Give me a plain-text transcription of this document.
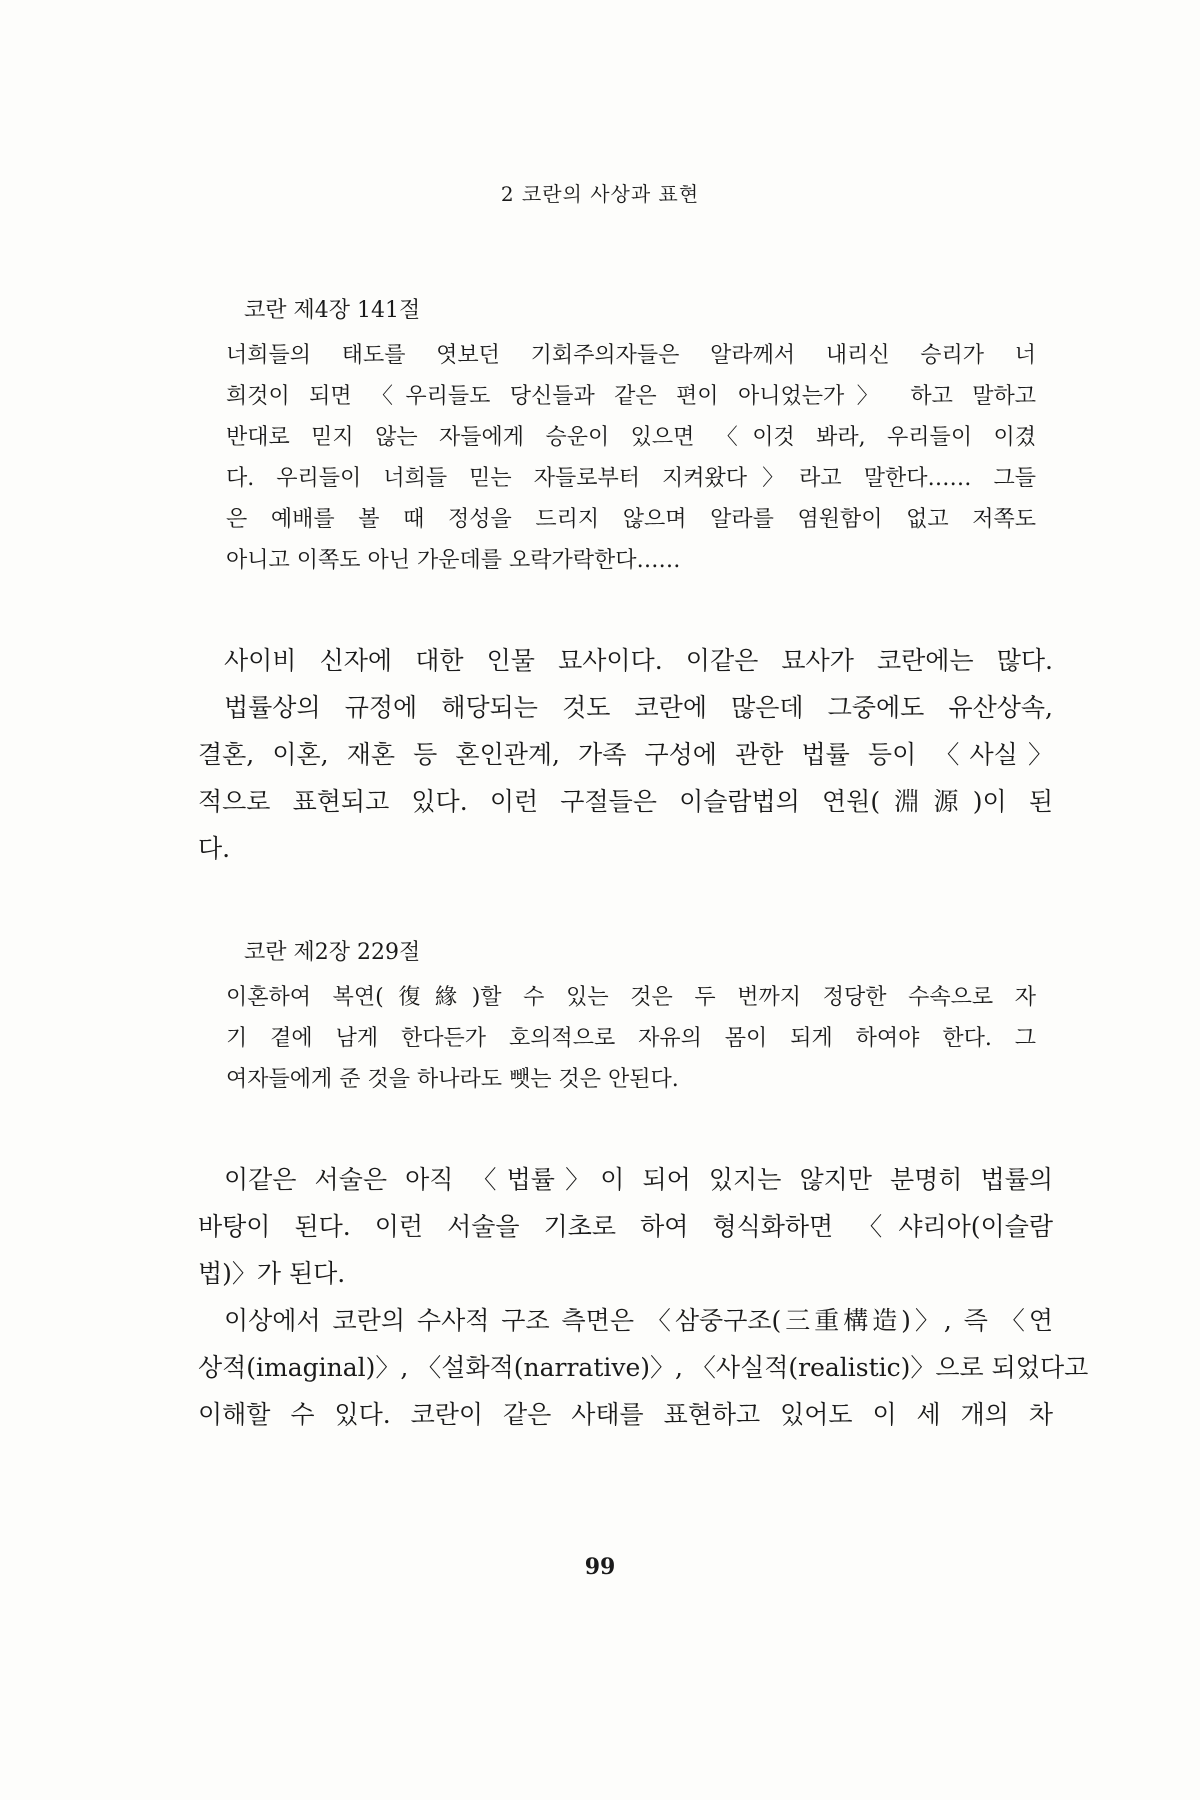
2 코란의 사상과 표현
코란 제4장 141절
너희들의 태도를 엿보던 기회주의자들은 알라께서 내리신 승리가 너
희것이 되면 〈우리들도 당신들과 같은 편이 아니었는가〉 하고 말하고
반대로 믿지 않는 자들에게 승운이 있으면 〈이것 봐라, 우리들이 이겼
다. 우리들이 너희들 믿는 자들로부터 지켜왔다〉라고 말한다…… 그들
은 예배를 볼 때 정성을 드리지 않으며 알라를 염원함이 없고 저쪽도
아니고 이쪽도 아닌 가운데를 오락가락한다……
사이비 신자에 대한 인물 묘사이다. 이같은 묘사가 코란에는 많다.
법률상의 규정에 해당되는 것도 코란에 많은데 그중에도 유산상속,
결혼, 이혼, 재혼 등 혼인관계, 가족 구성에 관한 법률 등이 〈사실〉
적으로 표현되고 있다. 이런 구절들은 이슬람법의 연원(淵源)이 된
다.
코란 제2장 229절
이혼하여 복연(復緣)할 수 있는 것은 두 번까지 정당한 수속으로 자
기 곁에 남게 한다든가 호의적으로 자유의 몸이 되게 하여야 한다. 그
여자들에게 준 것을 하나라도 뺏는 것은 안된다.
이같은 서술은 아직 〈법률〉이 되어 있지는 않지만 분명히 법률의
바탕이 된다. 이런 서술을 기초로 하여 형식화하면 〈샤리아(이슬람
법)〉가 된다.
이상에서 코란의 수사적 구조 측면은 〈삼중구조(三重構造)〉, 즉 〈연
상적(imaginal)〉, 〈설화적(narrative)〉, 〈사실적(realistic)〉으로 되었다고
이해할 수 있다. 코란이 같은 사태를 표현하고 있어도 이 세 개의 차
99
